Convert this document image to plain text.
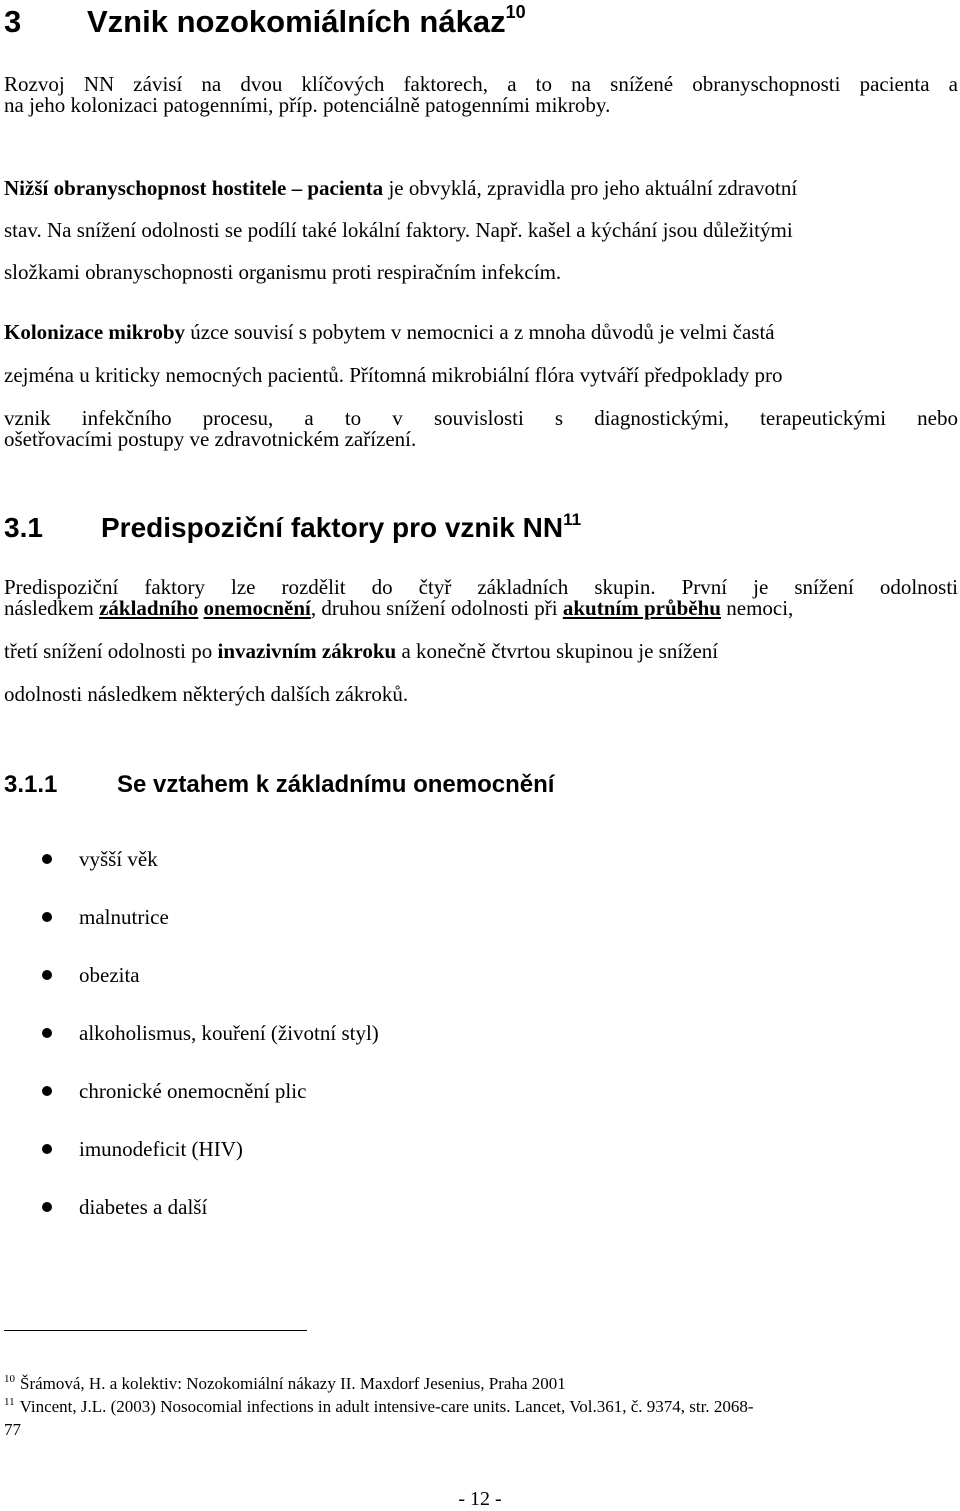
3 Vznik nozokomiálních nákaz$^{10}$

Rozvoj NN závisí na dvou klíčových faktorech, a to na snížené obranyschopnosti pacienta a
na jeho kolonizaci patogenními, příp. potenciálně patogenními mikroby.

Nižší obranyschopnost hostitele – pacienta je obvyklá, zpravidla pro jeho aktuální zdravotní
stav. Na snížení odolnosti se podílí také lokální faktory. Např. kašel a kýchání jsou důležitými
složkami obranyschopnosti organismu proti respiračním infekcím.

Kolonizace mikroby úzce souvisí s pobytem v nemocnici a z mnoha důvodů je velmi častá
zejména u kriticky nemocných pacientů. Přítomná mikrobiální flóra vytváří předpoklady pro
vznik infekčního procesu, a to v souvislosti s diagnostickými, terapeutickými nebo
ošetřovacími postupy ve zdravotnickém zařízení.

3.1 Predispoziční faktory pro vznik NN$^{11}$

Predispoziční faktory lze rozdělit do čtyř základních skupin. První je snížení odolnosti
následkem základního onemocnění, druhou snížení odolnosti při akutním průběhu nemoci,
třetí snížení odolnosti po invazivním zákroku a konečně čtvrtou skupinou je snížení
odolnosti následkem některých dalších zákroků.

3.1.1 Se vztahem k základnímu onemocnění
vyšší věk
malnutrice
obezita
alkoholismus, kouření (životní styl)
chronické onemocnění plic
imunodeficit (HIV)
diabetes a další
$^{10}$ Šrámová, H. a kolektiv: Nozokomiální nákazy II. Maxdorf Jesenius, Praha 2001
$^{11}$ Vincent, J.L. (2003) Nosocomial infections in adult intensive-care units. Lancet, Vol.361, č. 9374, str. 2068-
77
- 12 -
